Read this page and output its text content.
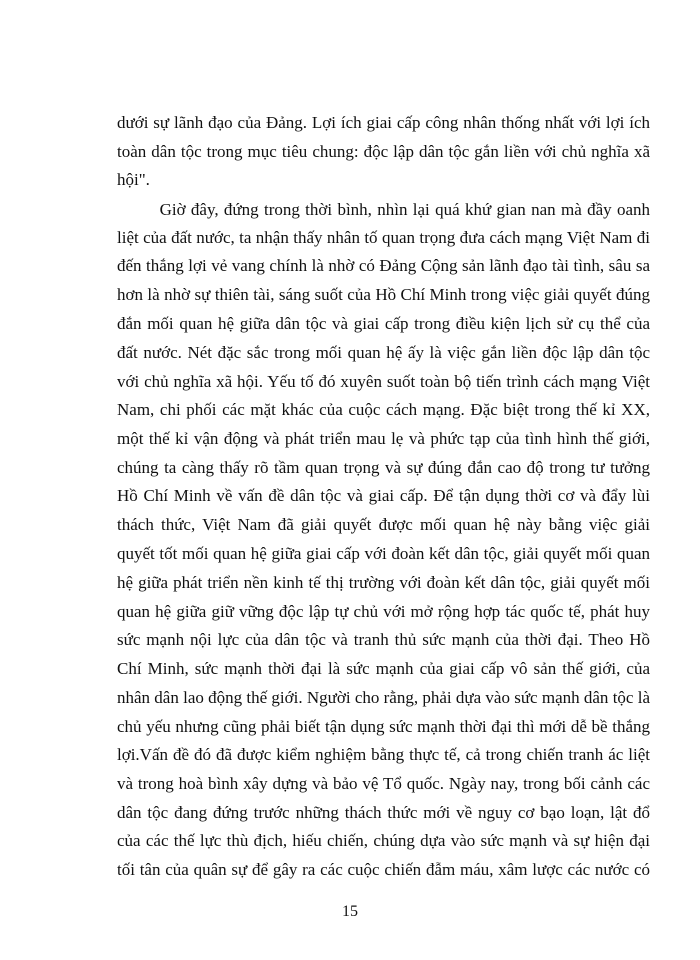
dưới sự lãnh đạo của Đảng. Lợi ích giai cấp công nhân thống nhất với lợi ích
toàn dân tộc trong mục tiêu chung: độc lập dân tộc gắn liền với chủ nghĩa xã
hội".
Giờ đây, đứng trong thời bình, nhìn lại quá khứ gian nan mà đầy oanh
liệt của đất nước, ta nhận thấy nhân tố quan trọng đưa cách mạng Việt Nam đi
đến thắng lợi vẻ vang chính là nhờ có Đảng Cộng sản lãnh đạo tài tình, sâu sa
hơn là nhờ sự thiên tài, sáng suốt của Hồ Chí Minh trong việc giải quyết đúng
đắn mối quan hệ giữa dân tộc và giai cấp trong điều kiện lịch sử cụ thể của
đất nước. Nét đặc sắc trong mối quan hệ ấy là việc gắn liền độc lập dân tộc
với chủ nghĩa xã hội. Yếu tố đó xuyên suốt toàn bộ tiến trình cách mạng Việt
Nam, chi phối các mặt khác của cuộc cách mạng. Đặc biệt trong thế kỉ XX,
một thế kỉ vận động và phát triển mau lẹ và phức tạp của tình hình thế giới,
chúng ta càng thấy rõ tầm quan trọng và sự đúng đắn cao độ trong tư tưởng
Hồ Chí Minh về vấn đề dân tộc và giai cấp. Để tận dụng thời cơ và đẩy lùi
thách thức, Việt Nam đã giải quyết được mối quan hệ này bằng việc giải
quyết tốt mối quan hệ giữa giai cấp với đoàn kết dân tộc, giải quyết mối quan
hệ giữa phát triển nền kinh tế thị trường với đoàn kết dân tộc, giải quyết mối
quan hệ giữa giữ vững độc lập tự chủ với mở rộng hợp tác quốc tế, phát huy
sức mạnh nội lực của dân tộc và tranh thủ sức mạnh của thời đại. Theo Hồ
Chí Minh, sức mạnh thời đại là sức mạnh của giai cấp vô sản thế giới, của
nhân dân lao động thế giới. Người cho rằng, phải dựa vào sức mạnh dân tộc là
chủ yếu nhưng cũng phải biết tận dụng sức mạnh thời đại thì mới dễ bề thắng
lợi.Vấn đề đó đã được kiểm nghiệm bằng thực tế, cả trong chiến tranh ác liệt
và trong hoà bình xây dựng và bảo vệ Tổ quốc. Ngày nay, trong bối cảnh các
dân tộc đang đứng trước những thách thức mới về nguy cơ bạo loạn, lật đổ
của các thế lực thù địch, hiếu chiến, chúng dựa vào sức mạnh và sự hiện đại
tối tân của quân sự để gây ra các cuộc chiến đẫm máu, xâm lược các nước có
15
